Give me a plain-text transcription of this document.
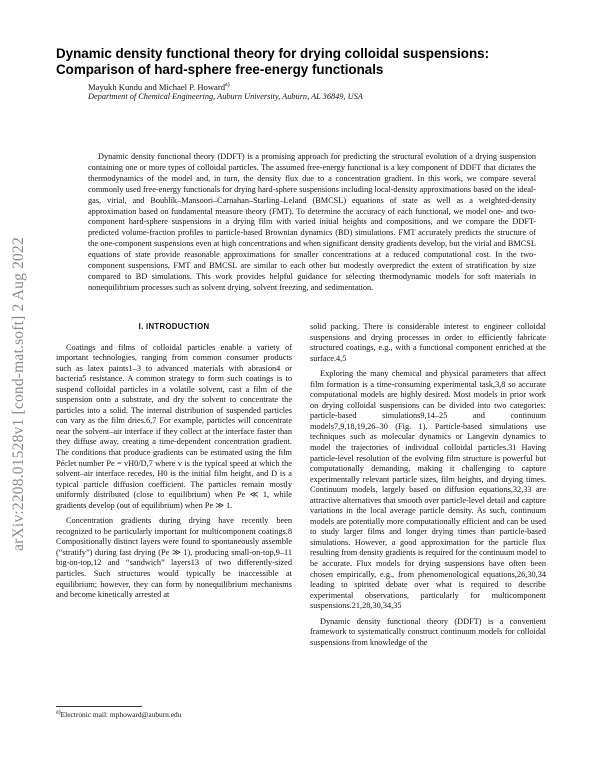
arXiv:2208.01528v1 [cond-mat.soft] 2 Aug 2022
Dynamic density functional theory for drying colloidal suspensions:
Comparison of hard-sphere free-energy functionals
Mayukh Kundu and Michael P. Howard$^{a)}$
Department of Chemical Engineering, Auburn University, Auburn, AL 36849, USA
Dynamic density functional theory (DDFT) is a promising approach for predicting the structural evolution of a drying suspension containing one or more types of colloidal particles. The assumed free-energy functional is a key component of DDFT that dictates the thermodynamics of the model and, in turn, the density flux due to a concentration gradient. In this work, we compare several commonly used free-energy functionals for drying hard-sphere suspensions including local-density approximations based on the ideal-gas, virial, and Boublík–Mansoori–Carnahan–Starling–Leland (BMCSL) equations of state as well as a weighted-density approximation based on fundamental measure theory (FMT). To determine the accuracy of each functional, we model one- and two-component hard-sphere suspensions in a drying film with varied initial heights and compositions, and we compare the DDFT-predicted volume-fraction profiles to particle-based Brownian dynamics (BD) simulations. FMT accurately predicts the structure of the one-component suspensions even at high concentrations and when significant density gradients develop, but the virial and BMCSL equations of state provide reasonable approximations for smaller concentrations at a reduced computational cost. In the two-component suspensions, FMT and BMCSL are similar to each other but modestly overpredict the extent of stratification by size compared to BD simulations. This work provides helpful guidance for selecting thermodynamic models for soft materials in nonequilibrium processes such as solvent drying, solvent freezing, and sedimentation.
I. INTRODUCTION

Coatings and films of colloidal particles enable a variety of important technologies, ranging from common consumer products such as latex paints1–3 to advanced materials with abrasion4 or bacteria5 resistance. A common strategy to form such coatings is to suspend colloidal particles in a volatile solvent, cast a film of the suspension onto a substrate, and dry the solvent to concentrate the particles into a solid. The internal distribution of suspended particles can vary as the film dries.6,7 For example, particles will concentrate near the solvent–air interface if they collect at the interface faster than they diffuse away, creating a time-dependent concentration gradient. The conditions that produce gradients can be estimated using the film Péclet number Pe = vH0/D,7 where v is the typical speed at which the solvent–air interface recedes, H0 is the initial film height, and D is a typical particle diffusion coefficient. The particles remain mostly uniformly distributed (close to equilibrium) when Pe ≪ 1, while gradients develop (out of equilibrium) when Pe ≫ 1.

Concentration gradients during drying have recently been recognized to be particularly important for multicomponent coatings.8 Compositionally distinct layers were found to spontaneously assemble (“stratify”) during fast drying (Pe ≫ 1), producing small-on-top,9–11 big-on-top,12 and “sandwich” layers13 of two differently-sized particles. Such structures would typically be inaccessible at equilibrium; however, they can form by nonequilibrium mechanisms and become kinetically arrested at

solid packing. There is considerable interest to engineer colloidal suspensions and drying processes in order to efficiently fabricate structured coatings, e.g., with a functional component enriched at the surface.4,5

Exploring the many chemical and physical parameters that affect film formation is a time-consuming experimental task,3,8 so accurate computational models are highly desired. Most models in prior work on drying colloidal suspensions can be divided into two categories: particle-based simulations9,14–25 and continuum models7,9,18,19,26–30 (Fig. 1). Particle-based simulations use techniques such as molecular dynamics or Langevin dynamics to model the trajectories of individual colloidal particles.31 Having particle-level resolution of the evolving film structure is powerful but computationally demanding, making it challenging to capture experimentally relevant particle sizes, film heights, and drying times. Continuum models, largely based on diffusion equations,32,33 are attractive alternatives that smooth over particle-level detail and capture variations in the local average particle density. As such, continuum models are potentially more computationally efficient and can be used to study larger films and longer drying times than particle-based simulations. However, a good approximation for the particle flux resulting from density gradients is required for the continuum model to be accurate. Flux models for drying suspensions have often been chosen empirically, e.g., from phenomenological equations,26,30,34 leading to spirited debate over what is required to describe experimental observations, particularly for multicomponent suspensions.21,28,30,34,35

Dynamic density functional theory (DDFT) is a convenient framework to systematically construct continuum models for colloidal suspensions from knowledge of the

$^{a)}$Electronic mail: mphoward@auburn.edu
